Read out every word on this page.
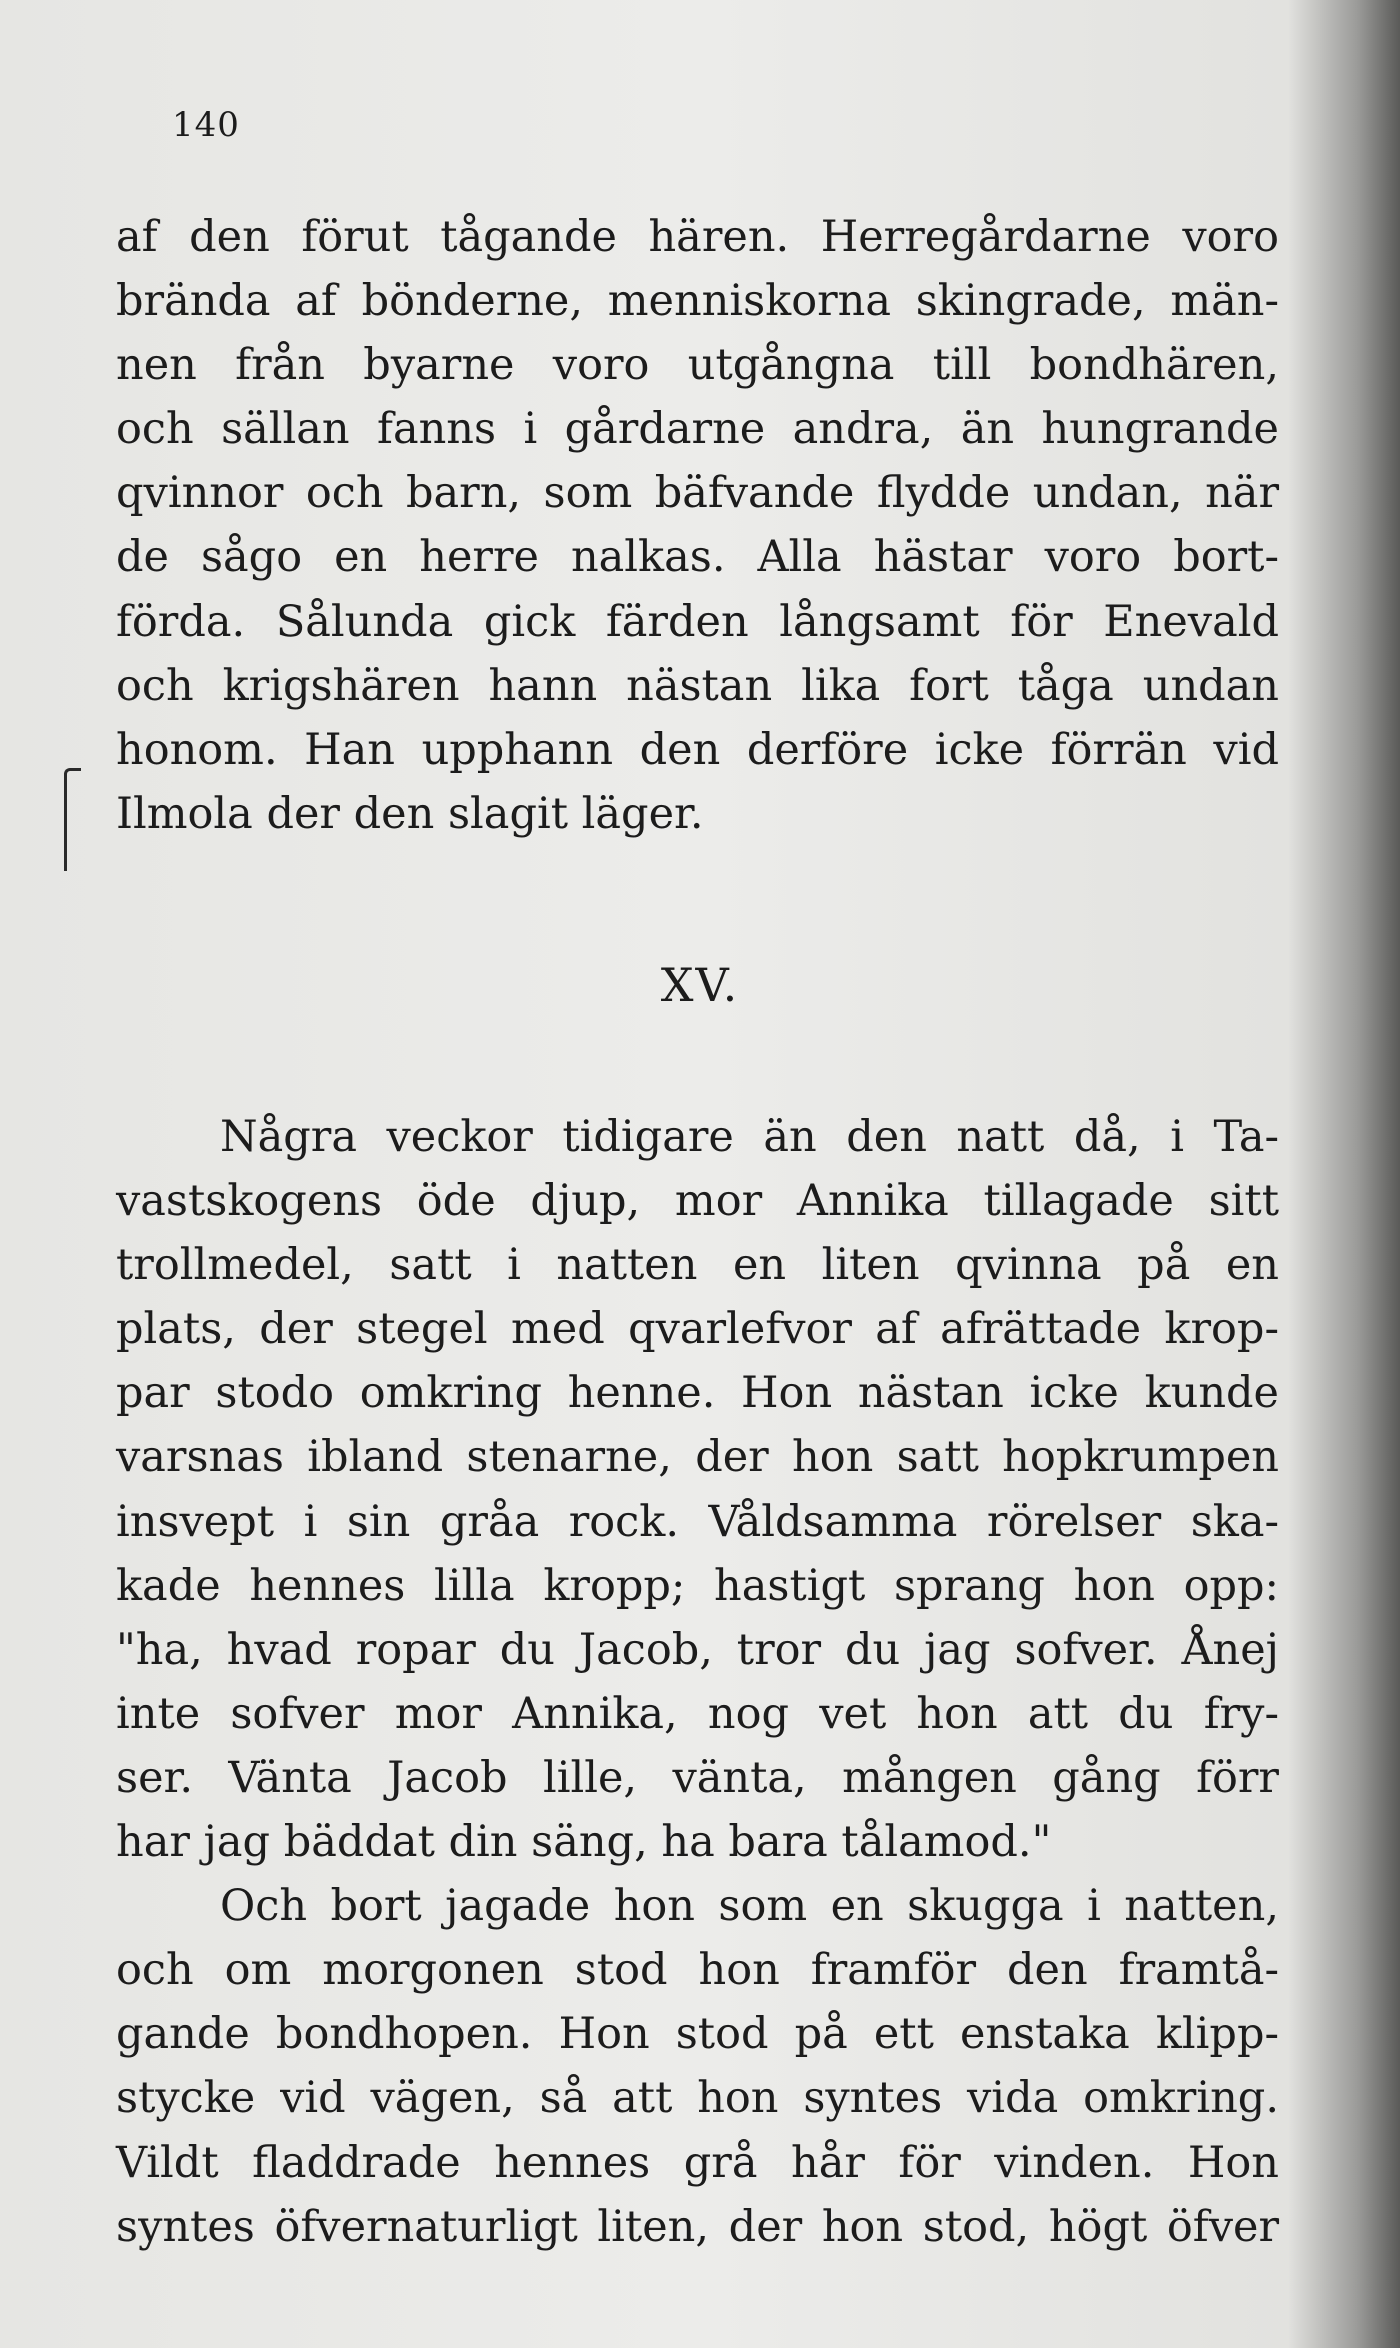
140
af den förut tågande hären. Herregårdarne voro
brända af bönderne, menniskorna skingrade, män-
nen från byarne voro utgångna till bondhären,
och sällan fanns i gårdarne andra, än hungrande
qvinnor och barn, som bäfvande flydde undan, när
de sågo en herre nalkas. Alla hästar voro bort-
förda. Sålunda gick färden långsamt för Enevald
och krigshären hann nästan lika fort tåga undan
honom. Han upphann den derföre icke förrän vid
Ilmola der den slagit läger.
XV.
Några veckor tidigare än den natt då, i Ta-
vastskogens öde djup, mor Annika tillagade sitt
trollmedel, satt i natten en liten qvinna på en
plats, der stegel med qvarlefvor af afrättade krop-
par stodo omkring henne. Hon nästan icke kunde
varsnas ibland stenarne, der hon satt hopkrumpen
insvept i sin gråa rock. Våldsamma rörelser ska-
kade hennes lilla kropp; hastigt sprang hon opp:
"ha, hvad ropar du Jacob, tror du jag sofver. Ånej
inte sofver mor Annika, nog vet hon att du fry-
ser. Vänta Jacob lille, vänta, mången gång förr
har jag bäddat din säng, ha bara tålamod."
Och bort jagade hon som en skugga i natten,
och om morgonen stod hon framför den framtå-
gande bondhopen. Hon stod på ett enstaka klipp-
stycke vid vägen, så att hon syntes vida omkring.
Vildt fladdrade hennes grå hår för vinden. Hon
syntes öfvernaturligt liten, der hon stod, högt öfver
